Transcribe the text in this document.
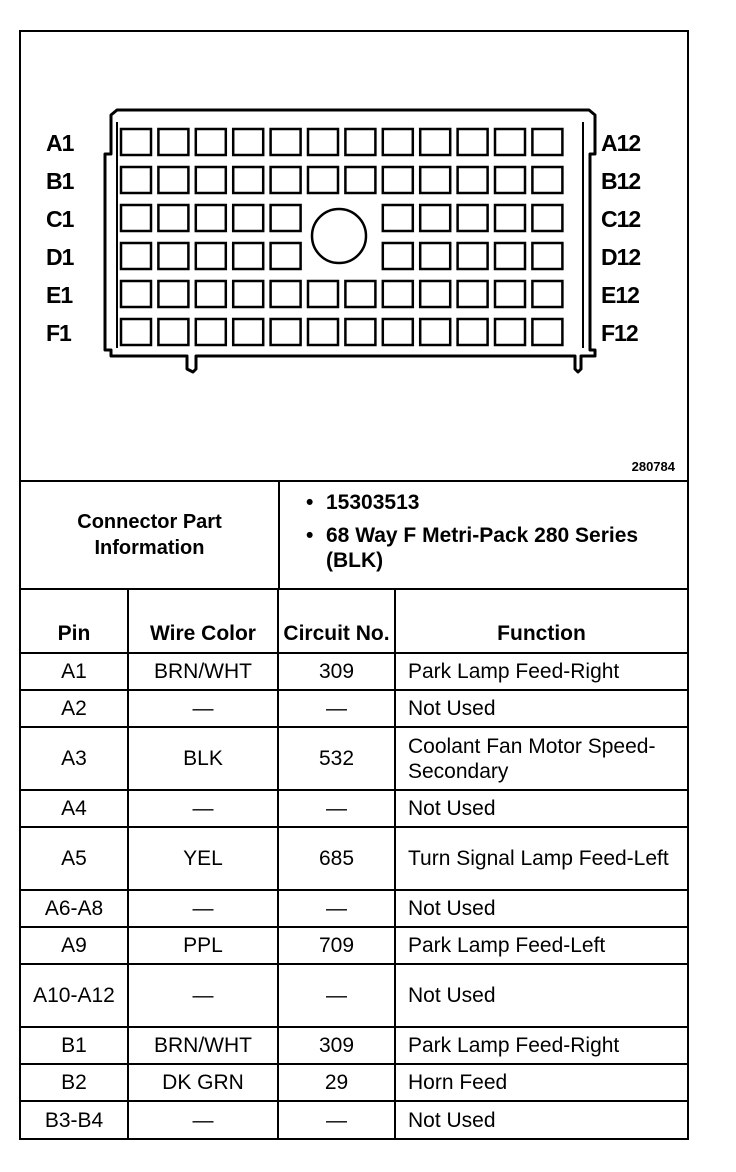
A1
B1
C1
D1
E1
F1
A12
B12
C12
D12
E12
F12
280784
Connector Part
Information
• 15303513
• 68 Way F Metri-Pack 280 Series (BLK)
Pin	Wire Color	Circuit No.	Function
A1	BRN/WHT	309	Park Lamp Feed-Right
A2	—	—	Not Used
A3	BLK	532	Coolant Fan Motor Speed-Secondary
A4	—	—	Not Used
A5	YEL	685	Turn Signal Lamp Feed-Left
A6-A8	—	—	Not Used
A9	PPL	709	Park Lamp Feed-Left
A10-A12	—	—	Not Used
B1	BRN/WHT	309	Park Lamp Feed-Right
B2	DK GRN	29	Horn Feed
B3-B4	—	—	Not Used
